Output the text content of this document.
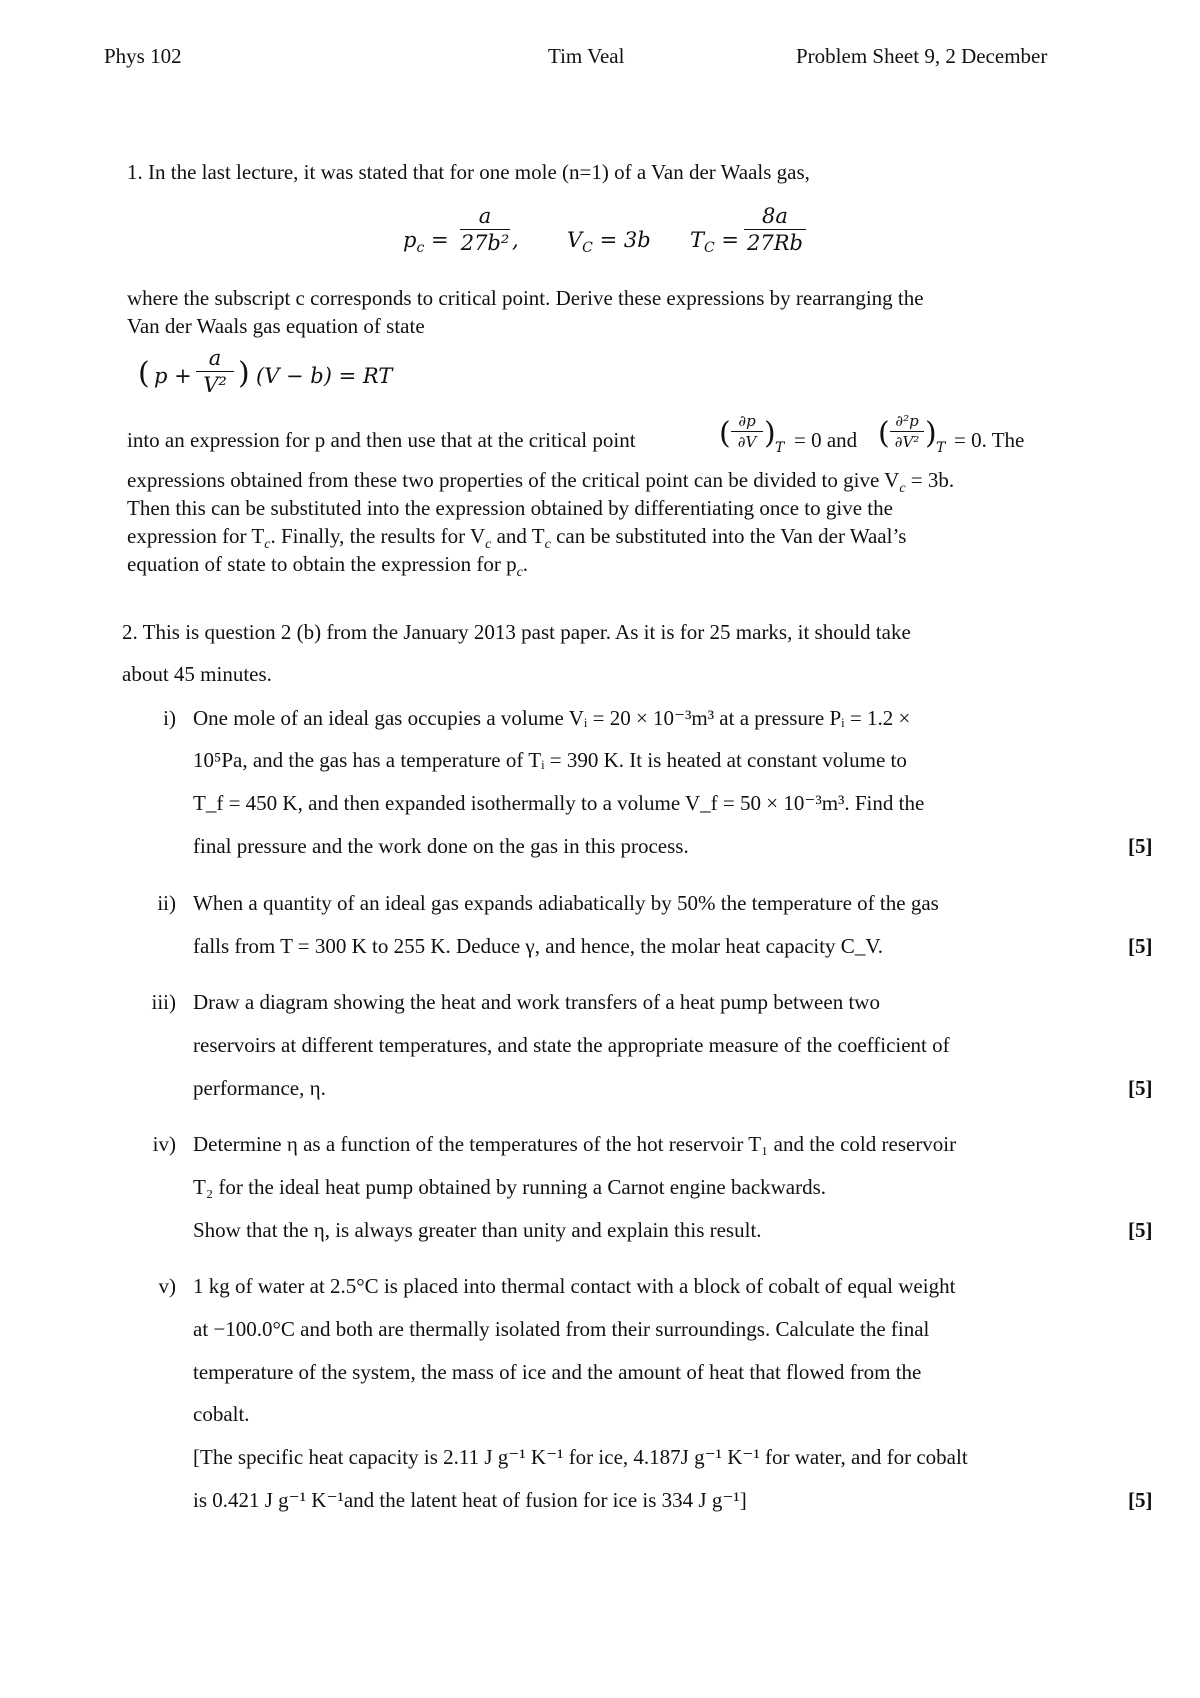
Phys 102	Tim Veal	Problem Sheet 9, 2 December
1. In the last lecture, it was stated that for one mole (n=1) of a Van der Waals gas,
$p_c = \frac{a}{\text{27b²}}$ , $V_C = 3b$ $T_C = \frac{8a}{27Rb}$
where the subscript c corresponds to critical point. Derive these expressions by rearranging the
Van der Waals gas equation of state
( $p + \frac{a}{\text{V²}}$ ) (V − b) = RT
into an expression for p and then use that at the critical point	( $\frac{\partial p}{\partial V}$ ) T = 0 and ( $\frac{\text{∂²p}}{\text{∂V²}}$ ) T = 0. The
expressions obtained from these two properties of the critical point can be divided to give $V_c = 3b$.
Then this can be substituted into the expression obtained by differentiating once to give the
expression for $T_c$. Finally, the results for $V_c$ and $T_c$ can be substituted into the Van der Waal’s
equation of state to obtain the expression for $p_c$.
2. This is question 2 (b) from the January 2013 past paper. As it is for 25 marks, it should take
about 45 minutes.
i) One mole of an ideal gas occupies a volume Vᵢ = 20 × 10⁻³m³ at a pressure Pᵢ = 1.2 ×
10⁵Pa, and the gas has a temperature of Tᵢ = 390 K. It is heated at constant volume to
T_f = 450 K, and then expanded isothermally to a volume V_f = 50 × 10⁻³m³. Find the
final pressure and the work done on the gas in this process.	[5]
ii) When a quantity of an ideal gas expands adiabatically by 50% the temperature of the gas
falls from T = 300 K to 255 K. Deduce γ, and hence, the molar heat capacity C_V.	[5]
iii) Draw a diagram showing the heat and work transfers of a heat pump between two
reservoirs at different temperatures, and state the appropriate measure of the coefficient of
performance, η.	[5]
iv) Determine η as a function of the temperatures of the hot reservoir T₁ and the cold reservoir
T₂ for the ideal heat pump obtained by running a Carnot engine backwards.
Show that the η, is always greater than unity and explain this result.	[5]
v) 1 kg of water at 2.5°C is placed into thermal contact with a block of cobalt of equal weight
at −100.0°C and both are thermally isolated from their surroundings. Calculate the final
temperature of the system, the mass of ice and the amount of heat that flowed from the
cobalt.
[The specific heat capacity is 2.11 J g⁻¹ K⁻¹ for ice, 4.187J g⁻¹ K⁻¹ for water, and for cobalt
is 0.421 J g⁻¹ K⁻¹and the latent heat of fusion for ice is 334 J g⁻¹]	[5]
